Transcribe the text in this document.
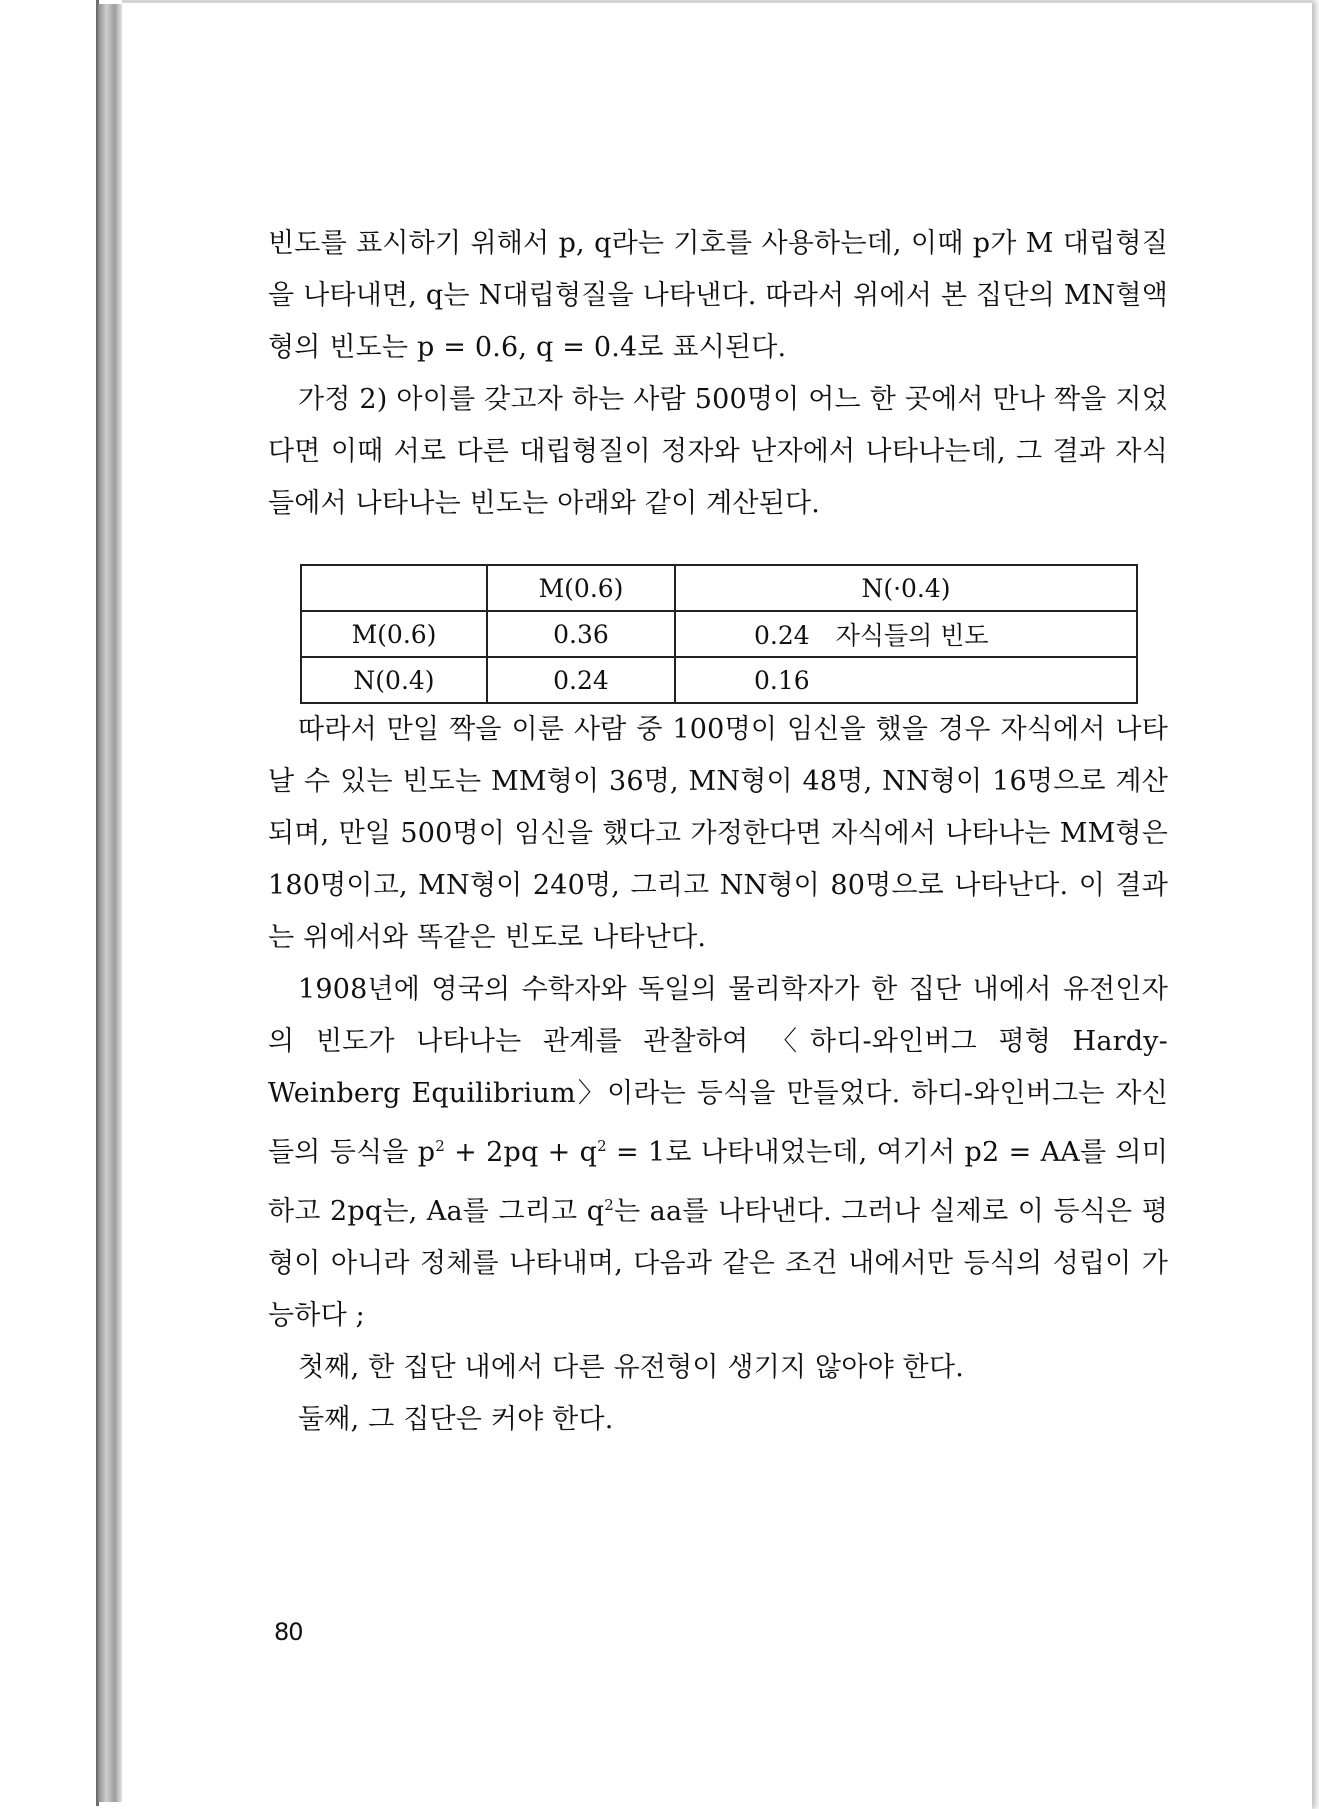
빈도를 표시하기 위해서 p, q라는 기호를 사용하는데, 이때 p가 M 대립형질을 나타내면, q는 N대립형질을 나타낸다. 따라서 위에서 본 집단의 MN혈액형의 빈도는 p = 0.6, q = 0.4로 표시된다.

가정 2) 아이를 갖고자 하는 사람 500명이 어느 한 곳에서 만나 짝을 지었다면 이때 서로 다른 대립형질이 정자와 난자에서 나타나는데, 그 결과 자식들에서 나타나는 빈도는 아래와 같이 계산된다.

	M(0.6)	N(·0.4)
M(0.6)	0.36	0.24 자식들의 빈도
N(0.4)	0.24	0.16

따라서 만일 짝을 이룬 사람 중 100명이 임신을 했을 경우 자식에서 나타날 수 있는 빈도는 MM형이 36명, MN형이 48명, NN형이 16명으로 계산되며, 만일 500명이 임신을 했다고 가정한다면 자식에서 나타나는 MM형은 180명이고, MN형이 240명, 그리고 NN형이 80명으로 나타난다. 이 결과는 위에서와 똑같은 빈도로 나타난다.

1908년에 영국의 수학자와 독일의 물리학자가 한 집단 내에서 유전인자의 빈도가 나타나는 관계를 관찰하여 〈하디-와인버그 평형 Hardy-Weinberg Equilibrium〉이라는 등식을 만들었다. 하디-와인버그는 자신들의 등식을 $p^2 + 2pq + q^2 = 1$로 나타내었는데, 여기서 p2 = AA를 의미하고 2pq는, Aa를 그리고 $q^2$는 aa를 나타낸다. 그러나 실제로 이 등식은 평형이 아니라 정체를 나타내며, 다음과 같은 조건 내에서만 등식의 성립이 가능하다 ;

첫째, 한 집단 내에서 다른 유전형이 생기지 않아야 한다.

둘째, 그 집단은 커야 한다.

80
